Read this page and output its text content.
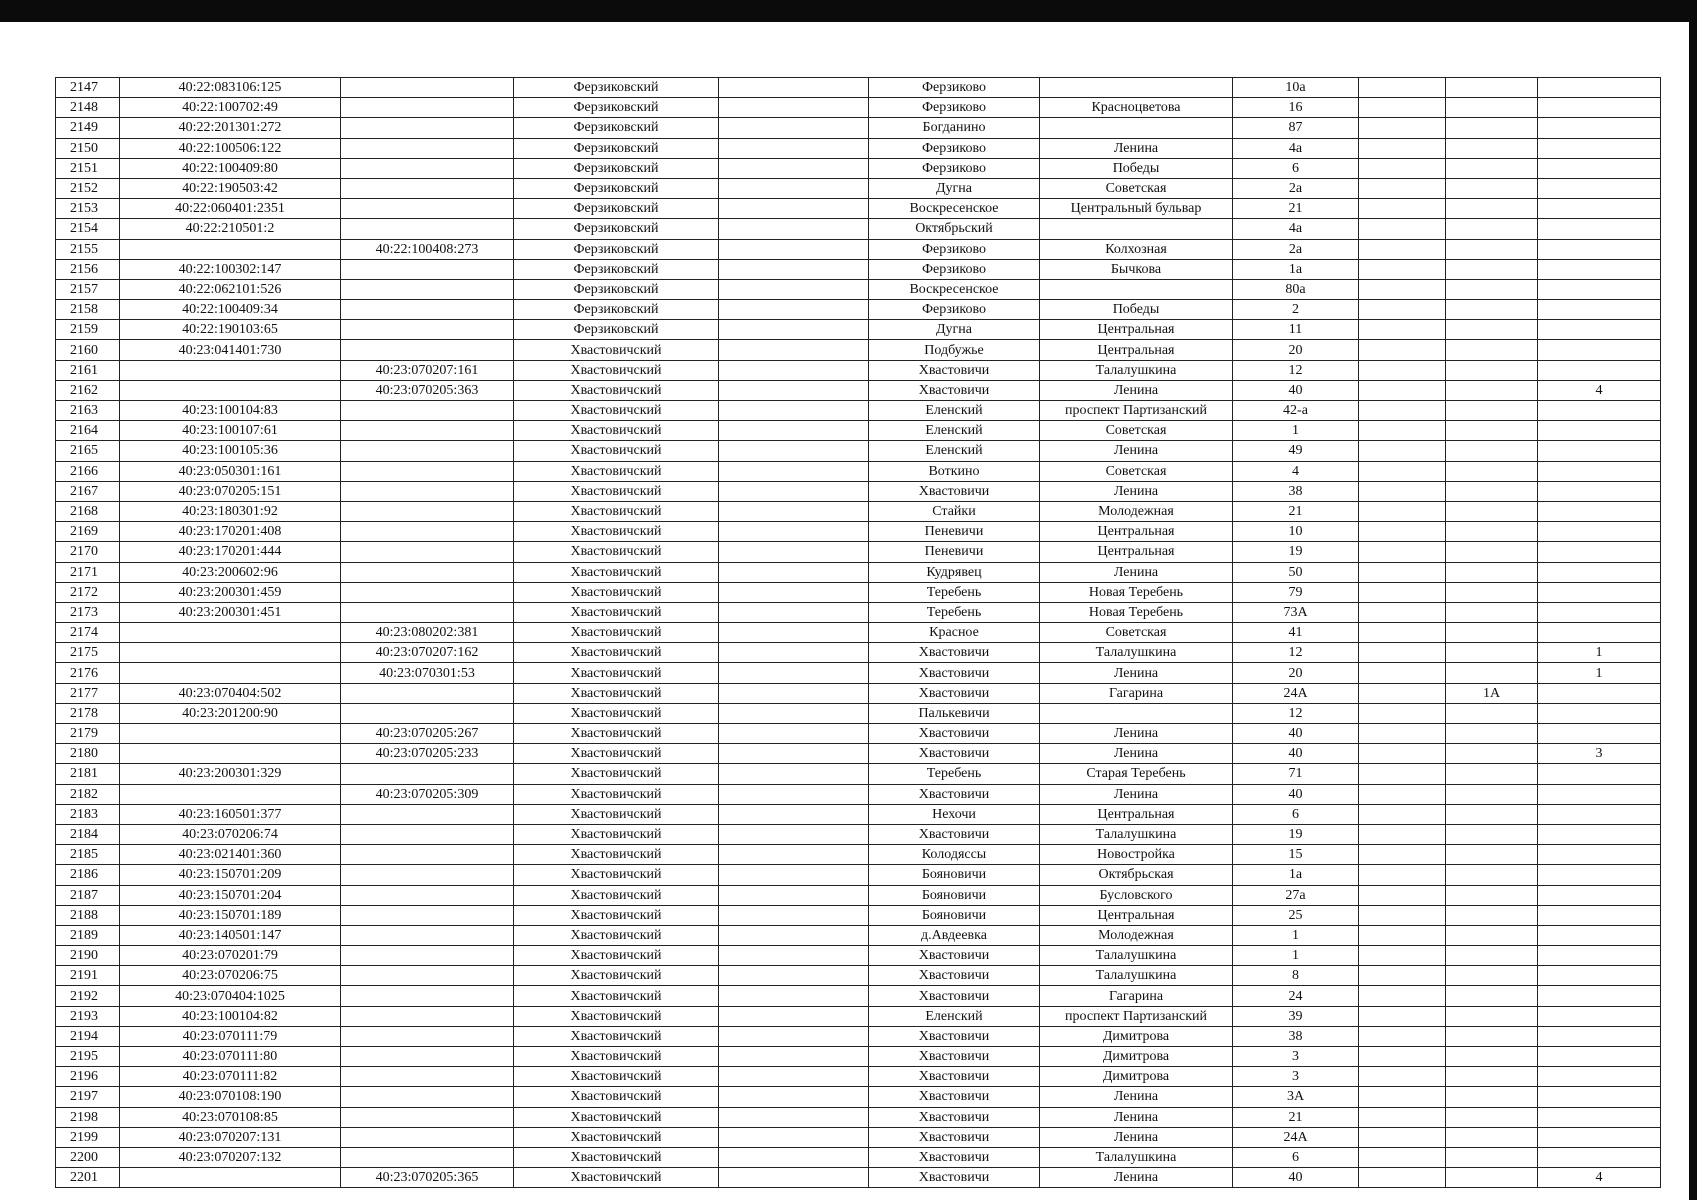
2147	40:22:083106:125		Ферзиковский		Ферзиково		10а			
2148	40:22:100702:49		Ферзиковский		Ферзиково	Красноцветова	16			
2149	40:22:201301:272		Ферзиковский		Богданино		87			
2150	40:22:100506:122		Ферзиковский		Ферзиково	Ленина	4а			
2151	40:22:100409:80		Ферзиковский		Ферзиково	Победы	6			
2152	40:22:190503:42		Ферзиковский		Дугна	Советская	2а			
2153	40:22:060401:2351		Ферзиковский		Воскресенское	Центральный бульвар	21			
2154	40:22:210501:2		Ферзиковский		Октябрьский		4а			
2155		40:22:100408:273	Ферзиковский		Ферзиково	Колхозная	2а			
2156	40:22:100302:147		Ферзиковский		Ферзиково	Бычкова	1а			
2157	40:22:062101:526		Ферзиковский		Воскресенское		80а			
2158	40:22:100409:34		Ферзиковский		Ферзиково	Победы	2			
2159	40:22:190103:65		Ферзиковский		Дугна	Центральная	11			
2160	40:23:041401:730		Хвастовичский		Подбужье	Центральная	20			
2161		40:23:070207:161	Хвастовичский		Хвастовичи	Талалушкина	12			
2162		40:23:070205:363	Хвастовичский		Хвастовичи	Ленина	40			4
2163	40:23:100104:83		Хвастовичский		Еленский	проспект Партизанский	42-а			
2164	40:23:100107:61		Хвастовичский		Еленский	Советская	1			
2165	40:23:100105:36		Хвастовичский		Еленский	Ленина	49			
2166	40:23:050301:161		Хвастовичский		Воткино	Советская	4			
2167	40:23:070205:151		Хвастовичский		Хвастовичи	Ленина	38			
2168	40:23:180301:92		Хвастовичский		Стайки	Молодежная	21			
2169	40:23:170201:408		Хвастовичский		Пеневичи	Центральная	10			
2170	40:23:170201:444		Хвастовичский		Пеневичи	Центральная	19			
2171	40:23:200602:96		Хвастовичский		Кудрявец	Ленина	50			
2172	40:23:200301:459		Хвастовичский		Теребень	Новая Теребень	79			
2173	40:23:200301:451		Хвастовичский		Теребень	Новая Теребень	73А			
2174		40:23:080202:381	Хвастовичский		Красное	Советская	41			
2175		40:23:070207:162	Хвастовичский		Хвастовичи	Талалушкина	12			1
2176		40:23:070301:53	Хвастовичский		Хвастовичи	Ленина	20			1
2177	40:23:070404:502		Хвастовичский		Хвастовичи	Гагарина	24А		1А	
2178	40:23:201200:90		Хвастовичский		Палькевичи		12			
2179		40:23:070205:267	Хвастовичский		Хвастовичи	Ленина	40			
2180		40:23:070205:233	Хвастовичский		Хвастовичи	Ленина	40			3
2181	40:23:200301:329		Хвастовичский		Теребень	Старая Теребень	71			
2182		40:23:070205:309	Хвастовичский		Хвастовичи	Ленина	40			
2183	40:23:160501:377		Хвастовичский		Нехочи	Центральная	6			
2184	40:23:070206:74		Хвастовичский		Хвастовичи	Талалушкина	19			
2185	40:23:021401:360		Хвастовичский		Колодяссы	Новостройка	15			
2186	40:23:150701:209		Хвастовичский		Бояновичи	Октябрьская	1а			
2187	40:23:150701:204		Хвастовичский		Бояновичи	Бусловского	27а			
2188	40:23:150701:189		Хвастовичский		Бояновичи	Центральная	25			
2189	40:23:140501:147		Хвастовичский		д.Авдеевка	Молодежная	1			
2190	40:23:070201:79		Хвастовичский		Хвастовичи	Талалушкина	1			
2191	40:23:070206:75		Хвастовичский		Хвастовичи	Талалушкина	8			
2192	40:23:070404:1025		Хвастовичский		Хвастовичи	Гагарина	24			
2193	40:23:100104:82		Хвастовичский		Еленский	проспект Партизанский	39			
2194	40:23:070111:79		Хвастовичский		Хвастовичи	Димитрова	38			
2195	40:23:070111:80		Хвастовичский		Хвастовичи	Димитрова	3			
2196	40:23:070111:82		Хвастовичский		Хвастовичи	Димитрова	3			
2197	40:23:070108:190		Хвастовичский		Хвастовичи	Ленина	3А			
2198	40:23:070108:85		Хвастовичский		Хвастовичи	Ленина	21			
2199	40:23:070207:131		Хвастовичский		Хвастовичи	Ленина	24А			
2200	40:23:070207:132		Хвастовичский		Хвастовичи	Талалушкина	6			
2201		40:23:070205:365	Хвастовичский		Хвастовичи	Ленина	40			4
